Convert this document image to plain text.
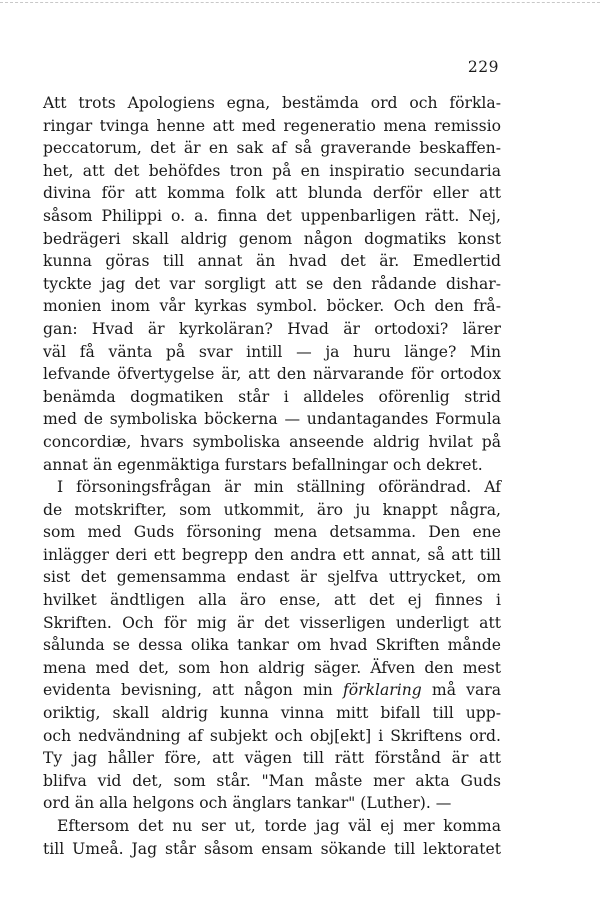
229
Att trots Apologiens egna, bestämda ord och förkla-
ringar tvinga henne att med regeneratio mena remissio
peccatorum, det är en sak af så graverande beskaffen-
het, att det behöfdes tron på en inspiratio secundaria
divina för att komma folk att blunda derför eller att
såsom Philippi o. a. finna det uppenbarligen rätt. Nej,
bedrägeri skall aldrig genom någon dogmatiks konst
kunna göras till annat än hvad det är. Emedlertid
tyckte jag det var sorgligt att se den rådande dishar-
monien inom vår kyrkas symbol. böcker. Och den frå-
gan: Hvad är kyrkoläran? Hvad är ortodoxi? lärer
väl få vänta på svar intill — ja huru länge? Min
lefvande öfvertygelse är, att den närvarande för ortodox
benämda dogmatiken står i alldeles oförenlig strid
med de symboliska böckerna — undantagandes Formula
concordiæ, hvars symboliska anseende aldrig hvilat på
annat än egenmäktiga furstars befallningar och dekret.
I försoningsfrågan är min ställning oförändrad. Af
de motskrifter, som utkommit, äro ju knappt några,
som med Guds försoning mena detsamma. Den ene
inlägger deri ett begrepp den andra ett annat, så att till
sist det gemensamma endast är sjelfva uttrycket, om
hvilket ändtligen alla äro ense, att det ej finnes i
Skriften. Och för mig är det visserligen underligt att
sålunda se dessa olika tankar om hvad Skriften månde
mena med det, som hon aldrig säger. Äfven den mest
evidenta bevisning, att någon min förklaring må vara
oriktig, skall aldrig kunna vinna mitt bifall till upp-
och nedvändning af subjekt och obj[ekt] i Skriftens ord.
Ty jag håller före, att vägen till rätt förstånd är att
blifva vid det, som står. "Man måste mer akta Guds
ord än alla helgons och änglars tankar" (Luther). —
Eftersom det nu ser ut, torde jag väl ej mer komma
till Umeå. Jag står såsom ensam sökande till lektoratet
